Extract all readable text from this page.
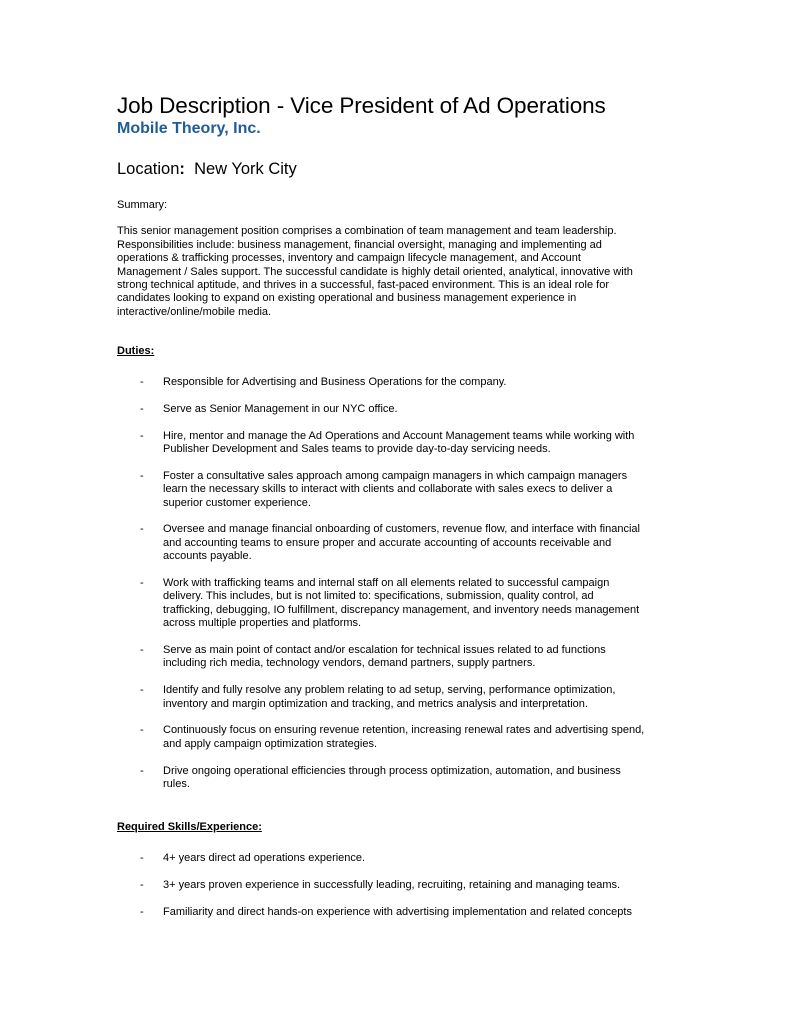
Job Description - Vice President of Ad Operations

Mobile Theory, Inc.

Location: New York City

Summary:

This senior management position comprises a combination of team management and team leadership.
Responsibilities include: business management, financial oversight, managing and implementing ad
operations & trafficking processes, inventory and campaign lifecycle management, and Account
Management / Sales support. The successful candidate is highly detail oriented, analytical, innovative with
strong technical aptitude, and thrives in a successful, fast-paced environment. This is an ideal role for
candidates looking to expand on existing operational and business management experience in
interactive/online/mobile media.

Duties:

- Responsible for Advertising and Business Operations for the company.
- Serve as Senior Management in our NYC office.
- Hire, mentor and manage the Ad Operations and Account Management teams while working with
Publisher Development and Sales teams to provide day-to-day servicing needs.
- Foster a consultative sales approach among campaign managers in which campaign managers
learn the necessary skills to interact with clients and collaborate with sales execs to deliver a
superior customer experience.
- Oversee and manage financial onboarding of customers, revenue flow, and interface with financial
and accounting teams to ensure proper and accurate accounting of accounts receivable and
accounts payable.
- Work with trafficking teams and internal staff on all elements related to successful campaign
delivery. This includes, but is not limited to: specifications, submission, quality control, ad
trafficking, debugging, IO fulfillment, discrepancy management, and inventory needs management
across multiple properties and platforms.
- Serve as main point of contact and/or escalation for technical issues related to ad functions
including rich media, technology vendors, demand partners, supply partners.
- Identify and fully resolve any problem relating to ad setup, serving, performance optimization,
inventory and margin optimization and tracking, and metrics analysis and interpretation.
- Continuously focus on ensuring revenue retention, increasing renewal rates and advertising spend,
and apply campaign optimization strategies.
- Drive ongoing operational efficiencies through process optimization, automation, and business
rules.

Required Skills/Experience:

- 4+ years direct ad operations experience.
- 3+ years proven experience in successfully leading, recruiting, retaining and managing teams.
- Familiarity and direct hands-on experience with advertising implementation and related concepts
